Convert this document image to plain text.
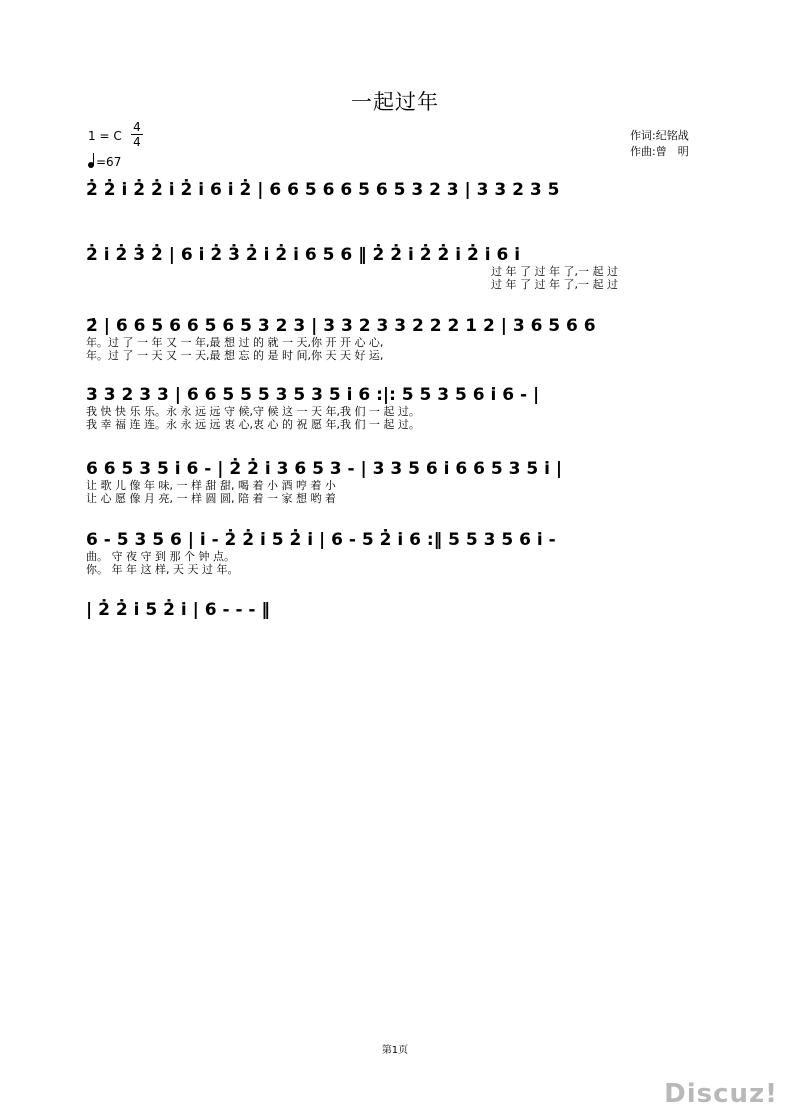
一起过年
1 = C
4
4
=67
作词:纪铭战
作曲:曾　明
2̇ 2̇ i̇ 2̇ 2̇ i̇ 2̇ i̇ 6 i̇ 2̇ | 6 6 5 6 6 5 6 5 3 2 3 | 3 3 2 3 5
2̇ i̇ 2̇ 3̇ 2̇ | 6 i̇ 2̇ 3̇ 2̇ i̇ 2̇ i̇ 6 5 6 ‖ 2̇ 2̇ i̇ 2̇ 2̇ i̇ 2̇ i̇ 6 i̇
过 年 了 过 年 了,一 起 过
过 年 了 过 年 了,一 起 过
2̇ | 6 6 5 6 6 5 6 5 3 2 3 | 3 3 2 3 3 2 2 2 1 2 | 3 6 5 6 6
年。过 了 一 年 又 一 年,最 想 过 的 就 一 天,你 开 开 心 心,
年。过 了 一 天 又 一 天,最 想 忘 的 是 时 间,你 天 天 好 运,
3 3 2 3 3 | 6 6 5 5 5 3 5 3 5 i̇ 6 :|: 5 5 3 5 6 i̇ 6 - |
我 快 快 乐 乐。永 永 远 远 守 候,守 候 这 一 天 年,我 们 一 起 过。
我 幸 福 连 连。永 永 远 远 衷 心,衷 心 的 祝 愿 年,我 们 一 起 过。
6 6 5 3 5 i̇ 6 - | 2̇ 2̇ i̇ 3 6 5 3 - | 3 3 5 6 i̇ 6 6 5 3 5 i̇ |
让 歌 儿 像 年 味, 一 样 甜 甜, 喝 着 小 酒 哼 着 小
让 心 愿 像 月 亮, 一 样 圆 圆, 陪 着 一 家 想 哟 着
6 - 5 3 5 6 | i̇ - 2̇ 2̇ i̇ 5 2̇ i̇ | 6 - 5 2̇ i̇ 6 :‖ 5 5 3 5 6 i̇ -
曲。 守 夜 守 到 那 个 钟 点。
你。 年 年 这 样, 天 天 过 年。
| 2̇ 2̇ i̇ 5 2̇ i̇ | 6 - - - ‖
第1页
Discuz!
